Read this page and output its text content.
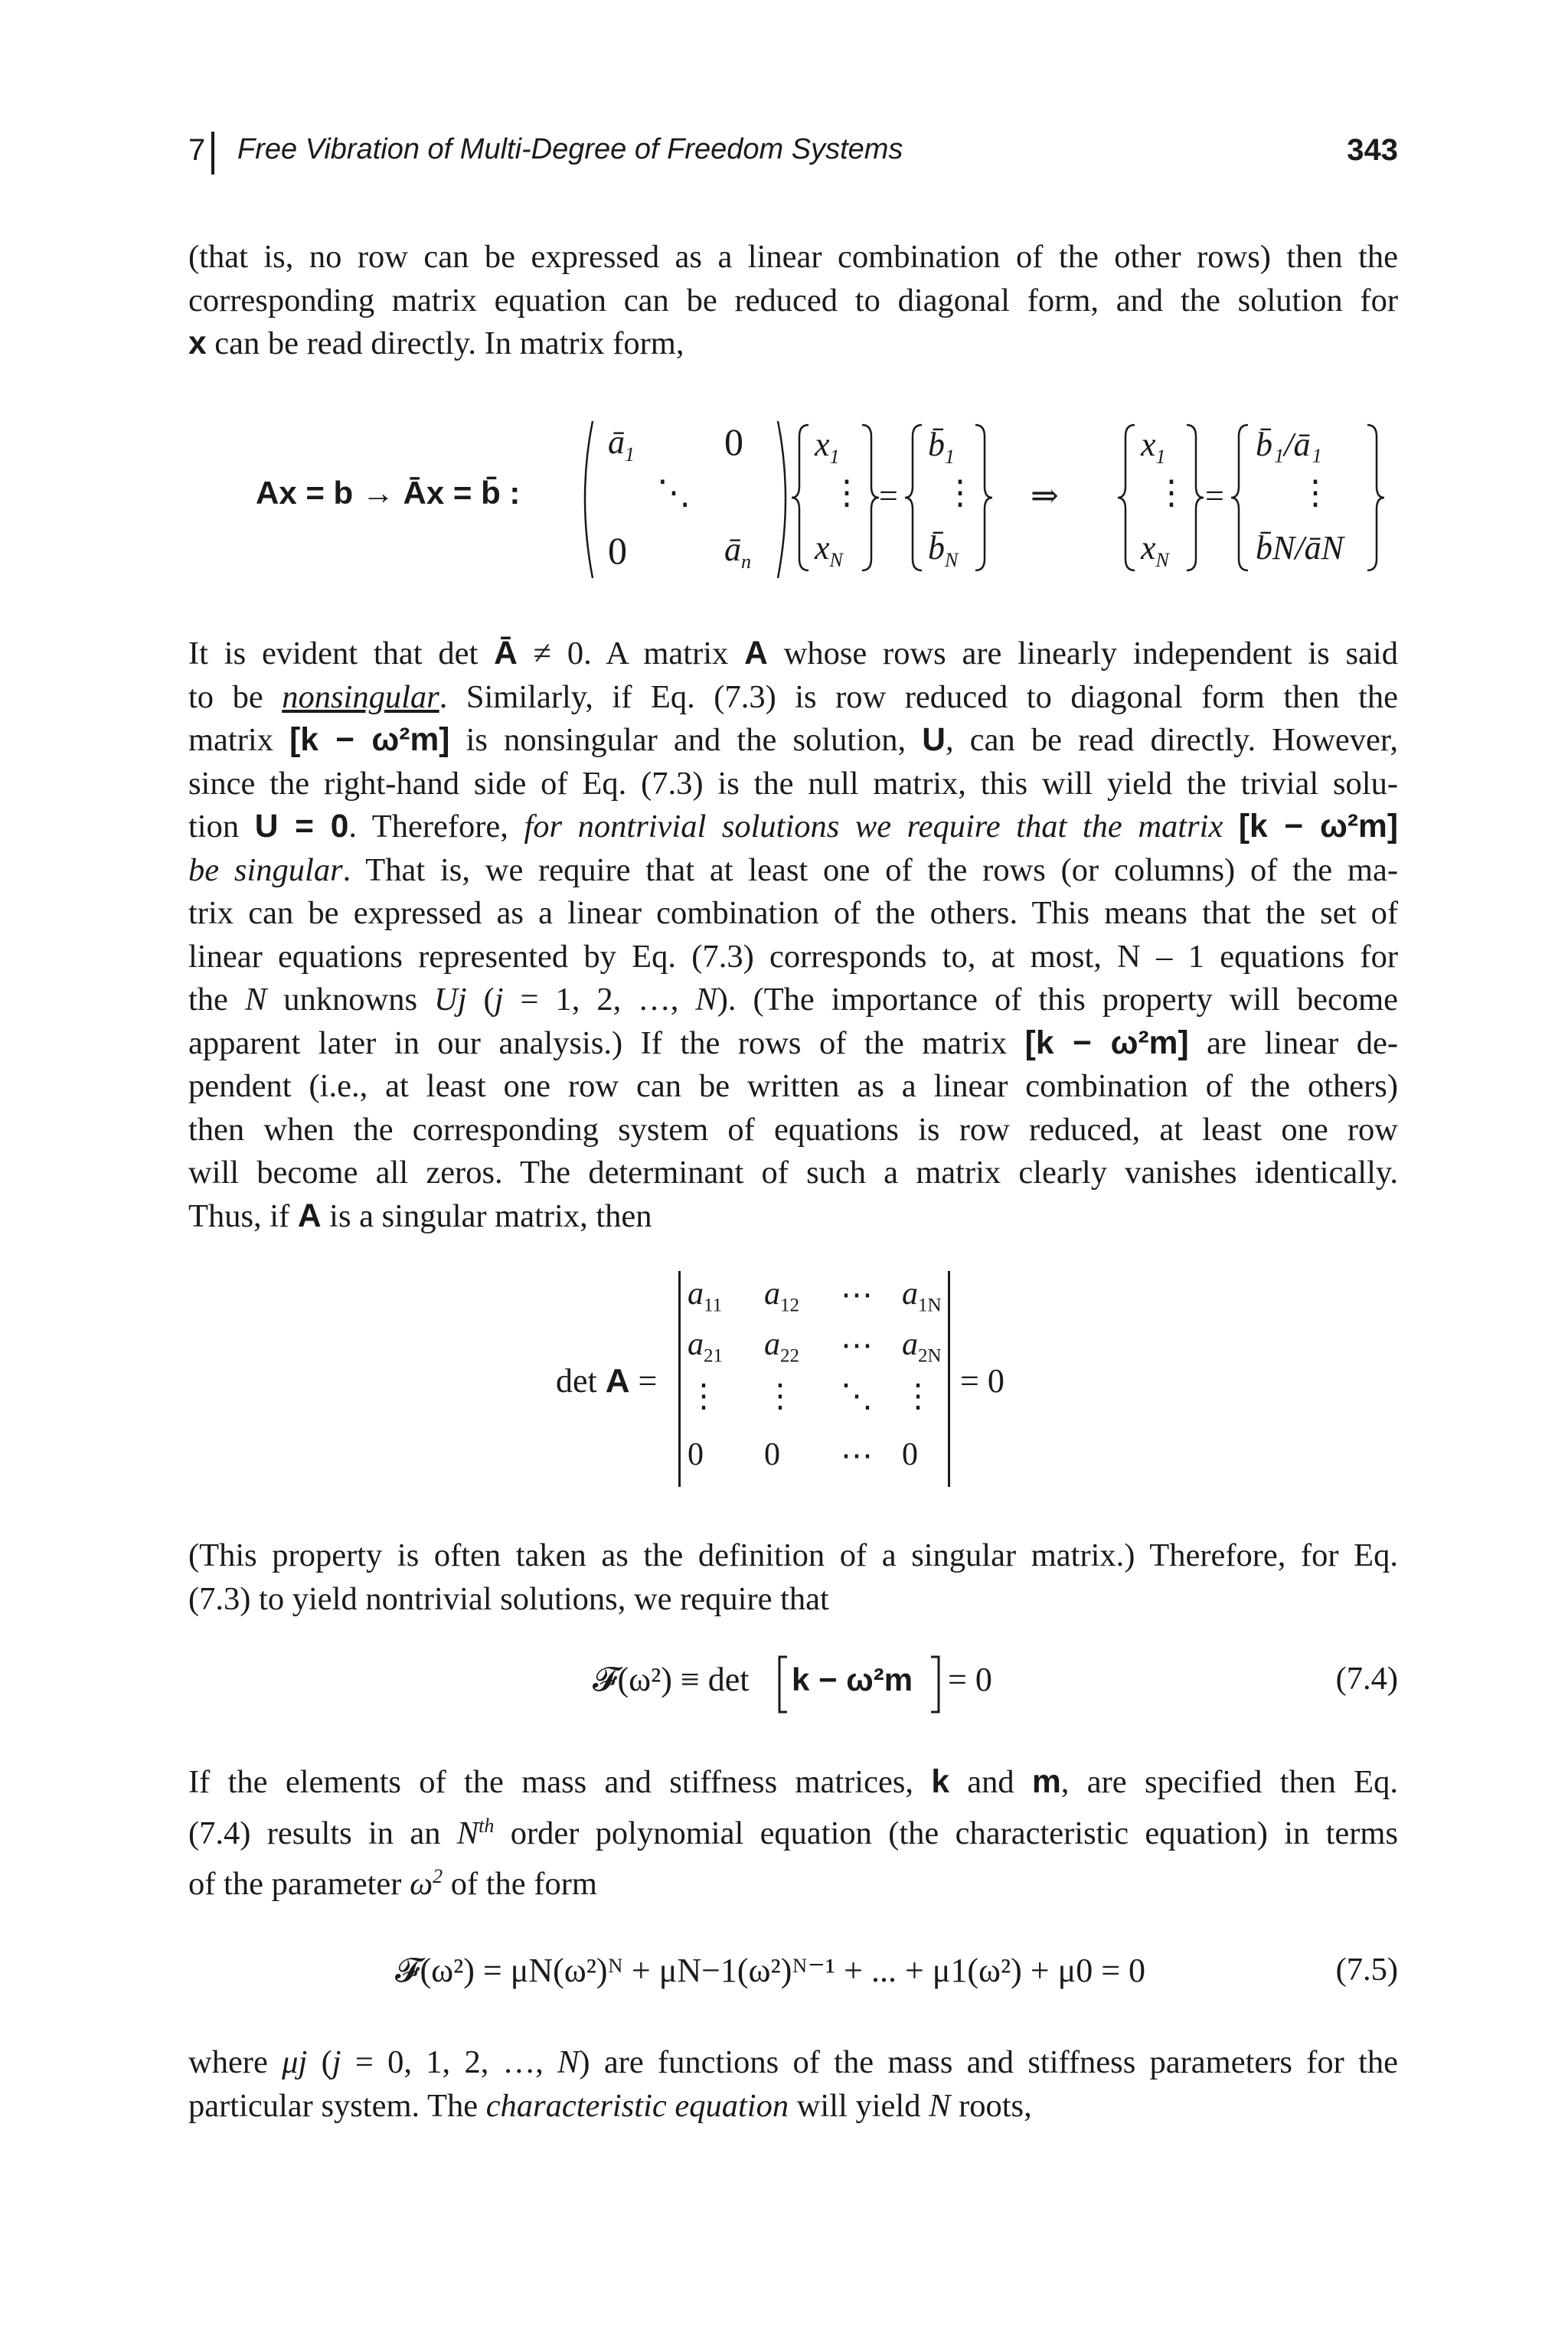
7 Free Vibration of Multi-Degree of Freedom Systems	343
(that is, no row can be expressed as a linear combination of the other rows) then the
corresponding matrix equation can be reduced to diagonal form, and the solution for
x can be read directly. In matrix form,
Ax = b → Āx = b̄ :
$ā_1$ 0
⋱
0	$ā_n$
$x_1$
⋮
$x_N$
=
$b̄_1$
⋮
$b̄_N$
⇒
$x_1$
⋮
$x_N$
=
b̄₁/ā₁
⋮
b̄N/āN
It is evident that det Ā ≠ 0. A matrix A whose rows are linearly independent is said
to be nonsingular. Similarly, if Eq. (7.3) is row reduced to diagonal form then the
matrix [k − ω²m] is nonsingular and the solution, U, can be read directly. However,
since the right-hand side of Eq. (7.3) is the null matrix, this will yield the trivial solu-
tion U = 0. Therefore, for nontrivial solutions we require that the matrix [k − ω²m]
be singular. That is, we require that at least one of the rows (or columns) of the ma-
trix can be expressed as a linear combination of the others. This means that the set of
linear equations represented by Eq. (7.3) corresponds to, at most, N – 1 equations for
the N unknowns Uj (j = 1, 2, …, N). (The importance of this property will become
apparent later in our analysis.) If the rows of the matrix [k − ω²m] are linear de-
pendent (i.e., at least one row can be written as a linear combination of the others)
then when the corresponding system of equations is row reduced, at least one row
will become all zeros. The determinant of such a matrix clearly vanishes identically.
Thus, if A is a singular matrix, then
det A =
$a_{11}$ $a_{12}$ ⋯ $a_{1N}$
$a_{21}$ $a_{22}$ ⋯ $a_{2N}$
⋮ ⋮ ⋱ ⋮
0 0 ⋯ 0
= 0
(This property is often taken as the definition of a singular matrix.) Therefore, for Eq.
(7.3) to yield nontrivial solutions, we require that
𝓕(ω²) ≡ det k − ω²m = 0	(7.4)
If the elements of the mass and stiffness matrices, k and m, are specified then Eq.
(7.4) results in an $N^{th}$ order polynomial equation (the characteristic equation) in terms
of the parameter $\omega^2$ of the form
𝓕(ω²) = μN(ω²)ᴺ + μN−1(ω²)ᴺ⁻¹ + ... + μ1(ω²) + μ0 = 0	(7.5)
where μj (j = 0, 1, 2, …, N) are functions of the mass and stiffness parameters for the
particular system. The characteristic equation will yield N roots,
